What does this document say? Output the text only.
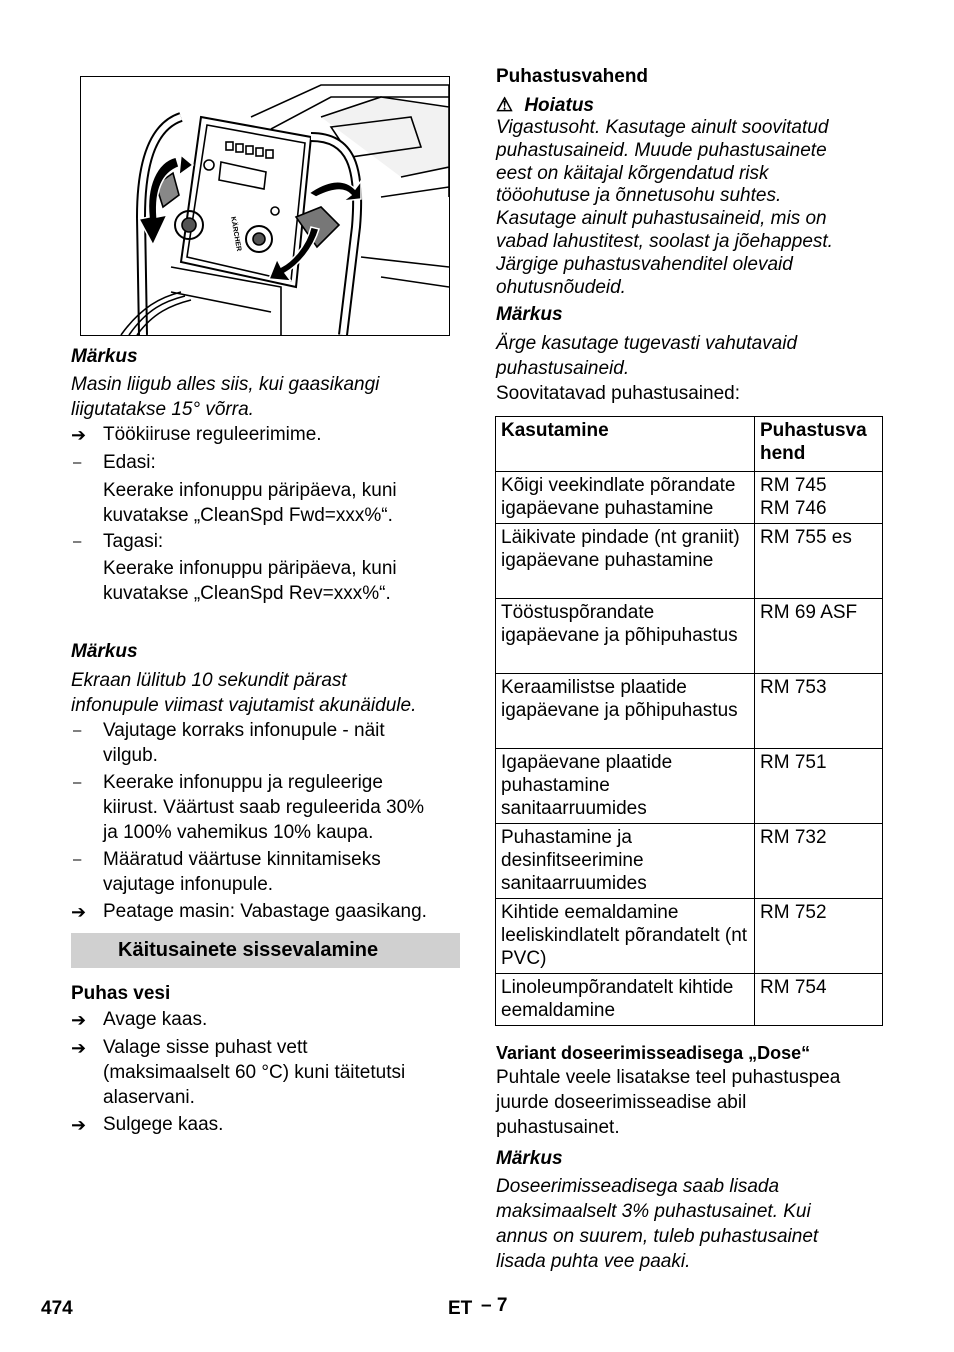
KÄRCHER
Märkus
Masin liigub alles siis, kui gaasikangi
liigutatakse 15° võrra.
➔ Töökiiruse reguleerimime.
– Edasi:
Keerake infonuppu päripäeva, kuni
kuvatakse „CleanSpd Fwd=xxx%“.
– Tagasi:
Keerake infonuppu päripäeva, kuni
kuvatakse „CleanSpd Rev=xxx%“.
Märkus
Ekraan lülitub 10 sekundit pärast
infonupule viimast vajutamist akunäidule.
– Vajutage korraks infonupule - näit
vilgub.
– Keerake infonuppu ja reguleerige
kiirust. Väärtust saab reguleerida 30%
ja 100% vahemikus 10% kaupa.
– Määratud väärtuse kinnitamiseks
vajutage infonupule.
➔ Peatage masin: Vabastage gaasikang.
Käitusainete sissevalamine
Puhas vesi
➔ Avage kaas.
➔ Valage sisse puhast vett
(maksimaalselt 60 °C) kuni täitetutsi
alaservani.
➔ Sulgege kaas.
Puhastusvahend
⚠ Hoiatus
Vigastusoht. Kasutage ainult soovitatud
puhastusaineid. Muude puhastusainete
eest on käitajal kõrgendatud risk
tööohutuse ja õnnetusohu suhtes.
Kasutage ainult puhastusaineid, mis on
vabad lahustitest, soolast ja jõehappest.
Järgige puhastusvahenditel olevaid
ohutusnõudeid.
Märkus
Ärge kasutage tugevasti vahutavaid
puhastusaineid.
Soovitatavad puhastusained:
Kasutamine	Puhastusva
hend
Kõigi veekindlate põrandate igapäevane puhastamine	RM 745
RM 746
Läikivate pindade (nt graniit) igapäevane puhastamine	RM 755 es
Tööstuspõrandate igapäevane ja põhipuhastus	RM 69 ASF
Keraamilistse plaatide igapäevane ja põhipuhastus	RM 753
Igapäevane plaatide puhastamine sanitaarruumides	RM 751
Puhastamine ja desinfitseerimine sanitaarruumides	RM 732
Kihtide eemaldamine leeliskindlatelt põrandatelt (nt PVC)	RM 752
Linoleumpõrandatelt kihtide eemaldamine	RM 754
Variant doseerimisseadisega „Dose“
Puhtale veele lisatakse teel puhastuspea
juurde doseerimisseadise abil
puhastusainet.
Märkus
Doseerimisseadisega saab lisada
maksimaalselt 3% puhastusainet. Kui
annus on suurem, tuleb puhastusainet
lisada puhta vee paaki.
474	ET – 7
